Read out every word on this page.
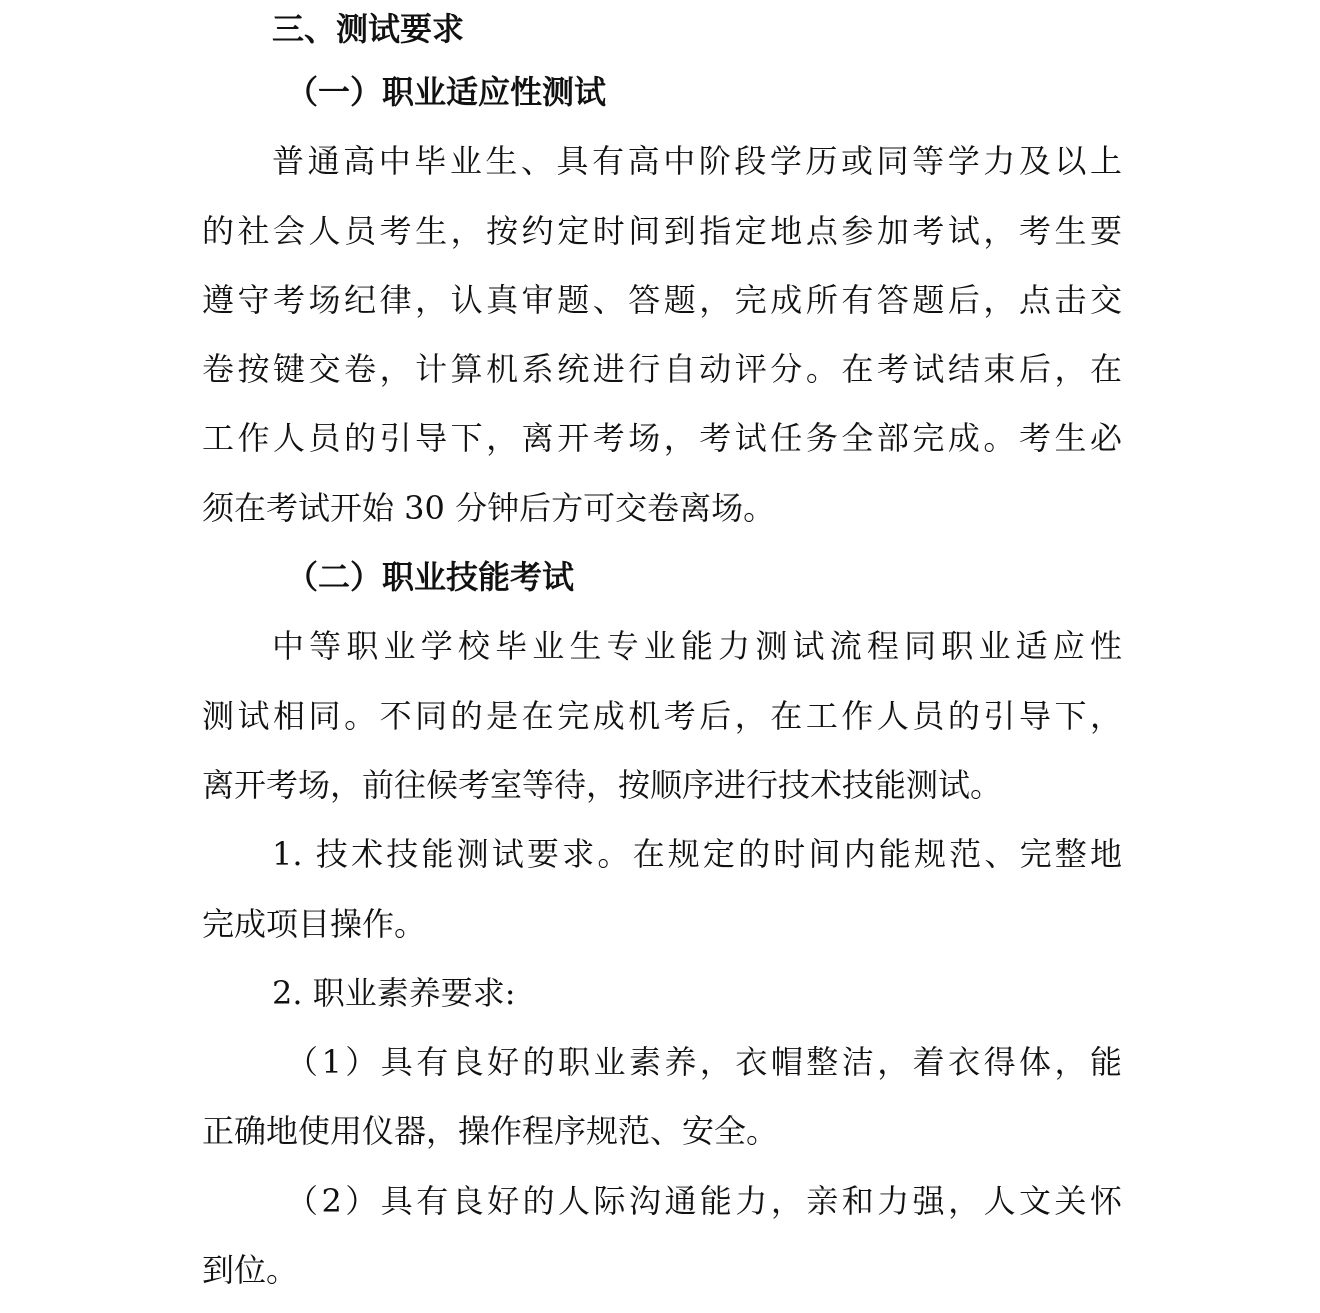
三、测试要求
（一）职业适应性测试
普通高中毕业生、具有高中阶段学历或同等学力及以上
的社会人员考生，按约定时间到指定地点参加考试，考生要
遵守考场纪律，认真审题、答题，完成所有答题后，点击交
卷按键交卷，计算机系统进行自动评分。在考试结束后，在
工作人员的引导下，离开考场，考试任务全部完成。考生必
须在考试开始 30 分钟后方可交卷离场。
（二）职业技能考试
中等职业学校毕业生专业能力测试流程同职业适应性
测试相同。不同的是在完成机考后，在工作人员的引导下，
离开考场，前往候考室等待，按顺序进行技术技能测试。
1. 技术技能测试要求。在规定的时间内能规范、完整地
完成项目操作。
2. 职业素养要求:
（1）具有良好的职业素养，衣帽整洁，着衣得体，能
正确地使用仪器，操作程序规范、安全。
（2）具有良好的人际沟通能力，亲和力强，人文关怀
到位。
